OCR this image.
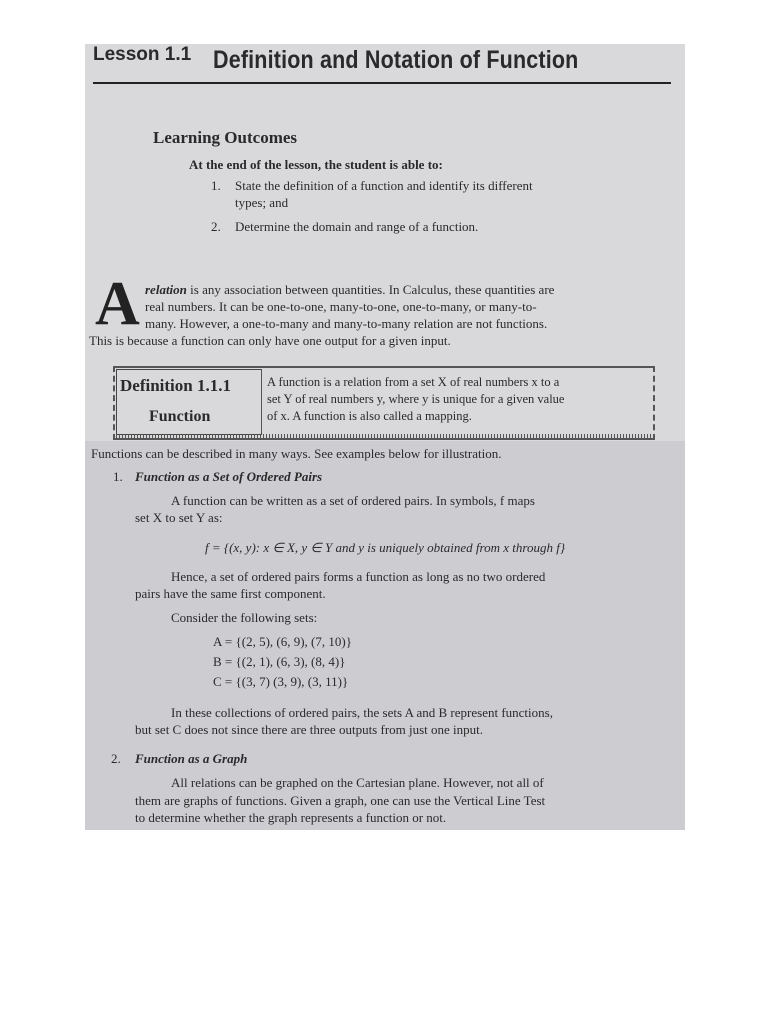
Lesson 1.1 Definition and Notation of Function
Learning Outcomes
At the end of the lesson, the student is able to:
1. State the definition of a function and identify its different
types; and
2. Determine the domain and range of a function.
A relation is any association between quantities. In Calculus, these quantities are
real numbers. It can be one-to-one, many-to-one, one-to-many, or many-to-
many. However, a one-to-many and many-to-many relation are not functions.
This is because a function can only have one output for a given input.
Definition 1.1.1
Function
A function is a relation from a set X of real numbers x to a
set Y of real numbers y, where y is unique for a given value
of x. A function is also called a mapping.
Functions can be described in many ways. See examples below for illustration.
1. Function as a Set of Ordered Pairs
A function can be written as a set of ordered pairs. In symbols, f maps
set X to set Y as:
f = {(x, y): x ∈ X, y ∈ Y and y is uniquely obtained from x through f}
Hence, a set of ordered pairs forms a function as long as no two ordered
pairs have the same first component.
Consider the following sets:
A = {(2, 5), (6, 9), (7, 10)}
B = {(2, 1), (6, 3), (8, 4)}
C = {(3, 7) (3, 9), (3, 11)}
In these collections of ordered pairs, the sets A and B represent functions,
but set C does not since there are three outputs from just one input.
2. Function as a Graph
All relations can be graphed on the Cartesian plane. However, not all of
them are graphs of functions. Given a graph, one can use the Vertical Line Test
to determine whether the graph represents a function or not.
